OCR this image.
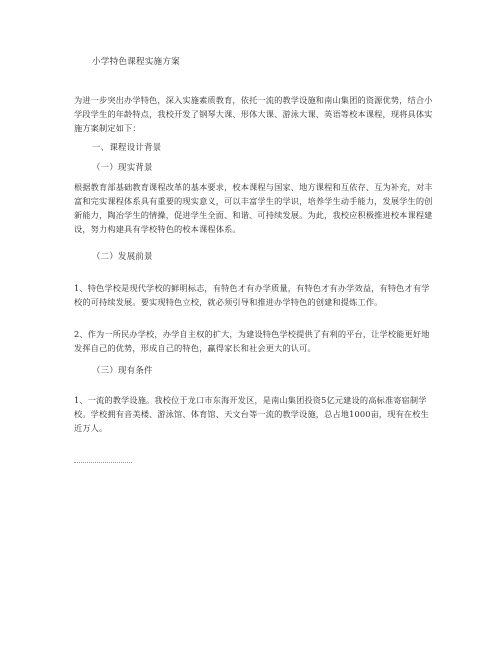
小学特色课程实施方案

为进一步突出办学特色，深入实施素质教育，依托一流的教学设施和南山集团的资源优势，结合小学段学生的年龄特点，我校开发了钢琴大课、形体大课、游泳大课、英语等校本课程，现将具体实施方案制定如下：

一、课程设计背景
（一）现实背景

根据教育部基础教育课程改革的基本要求，校本课程与国家、地方课程和互依存、互为补充，对丰富和完实课程体系具有重要的现实意义，可以丰富学生的学识，培养学生动手能力，发展学生的创新能力，陶冶学生的情操，促进学生全面、和谐、可持续发展。为此，我校应积极推进校本课程建设，努力构建具有学校特色的校本课程体系。

（二）发展前景

1、特色学校是现代学校的鲜明标志，有特色才有办学质量，有特色才有办学效益，有特色才有学校的可持续发展。要实现特色立校，就必须引导和推进办学特色的创建和提炼工作。

2、作为一所民办学校，办学自主权的扩大，为建设特色学校提供了有利的平台，让学校能更好地发挥自己的优势，形成自己的特色，赢得家长和社会更大的认可。

（三）现有条件

1、一流的教学设施。我校位于龙口市东海开发区，是南山集团投资5亿元建设的高标准寄宿制学校。学校拥有音美楼、游泳馆、体育馆、天文台等一流的教学设施，总占地1000亩，现有在校生近万人。
